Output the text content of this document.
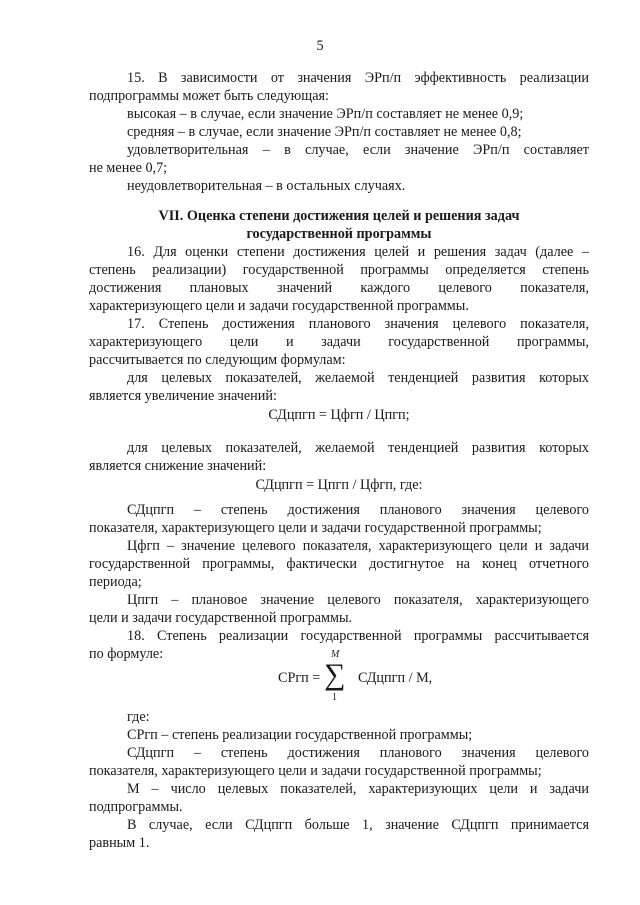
5
15. В зависимости от значения ЭРп/п эффективность реализации
подпрограммы может быть следующая:
высокая – в случае, если значение ЭРп/п составляет не менее 0,9;
средняя – в случае, если значение ЭРп/п составляет не менее 0,8;
удовлетворительная – в случае, если значение ЭРп/п составляет
не менее 0,7;
неудовлетворительная – в остальных случаях.
VII. Оценка степени достижения целей и решения задач
государственной программы
16. Для оценки степени достижения целей и решения задач (далее –
степень реализации) государственной программы определяется степень
достижения плановых значений каждого целевого показателя,
характеризующего цели и задачи государственной программы.
17. Степень достижения планового значения целевого показателя,
характеризующего цели и задачи государственной программы,
рассчитывается по следующим формулам:
для целевых показателей, желаемой тенденцией развития которых
является увеличение значений:
СДцпгп = Цфгп / Цпгп;
для целевых показателей, желаемой тенденцией развития которых
является снижение значений:
СДцпгп = Цпгп / Цфгп, где:
СДцпгп – степень достижения планового значения целевого
показателя, характеризующего цели и задачи государственной программы;
Цфгп – значение целевого показателя, характеризующего цели и задачи
государственной программы, фактически достигнутое на конец отчетного
периода;
Цпгп – плановое значение целевого показателя, характеризующего
цели и задачи государственной программы.
18. Степень реализации государственной программы рассчитывается
по формуле:
СРгп =
M
∑
1
СДцпгп / М,
где:
СРгп – степень реализации государственной программы;
СДцпгп – степень достижения планового значения целевого
показателя, характеризующего цели и задачи государственной программы;
М – число целевых показателей, характеризующих цели и задачи
подпрограммы.
В случае, если СДцпгп больше 1, значение СДцпгп принимается
равным 1.
